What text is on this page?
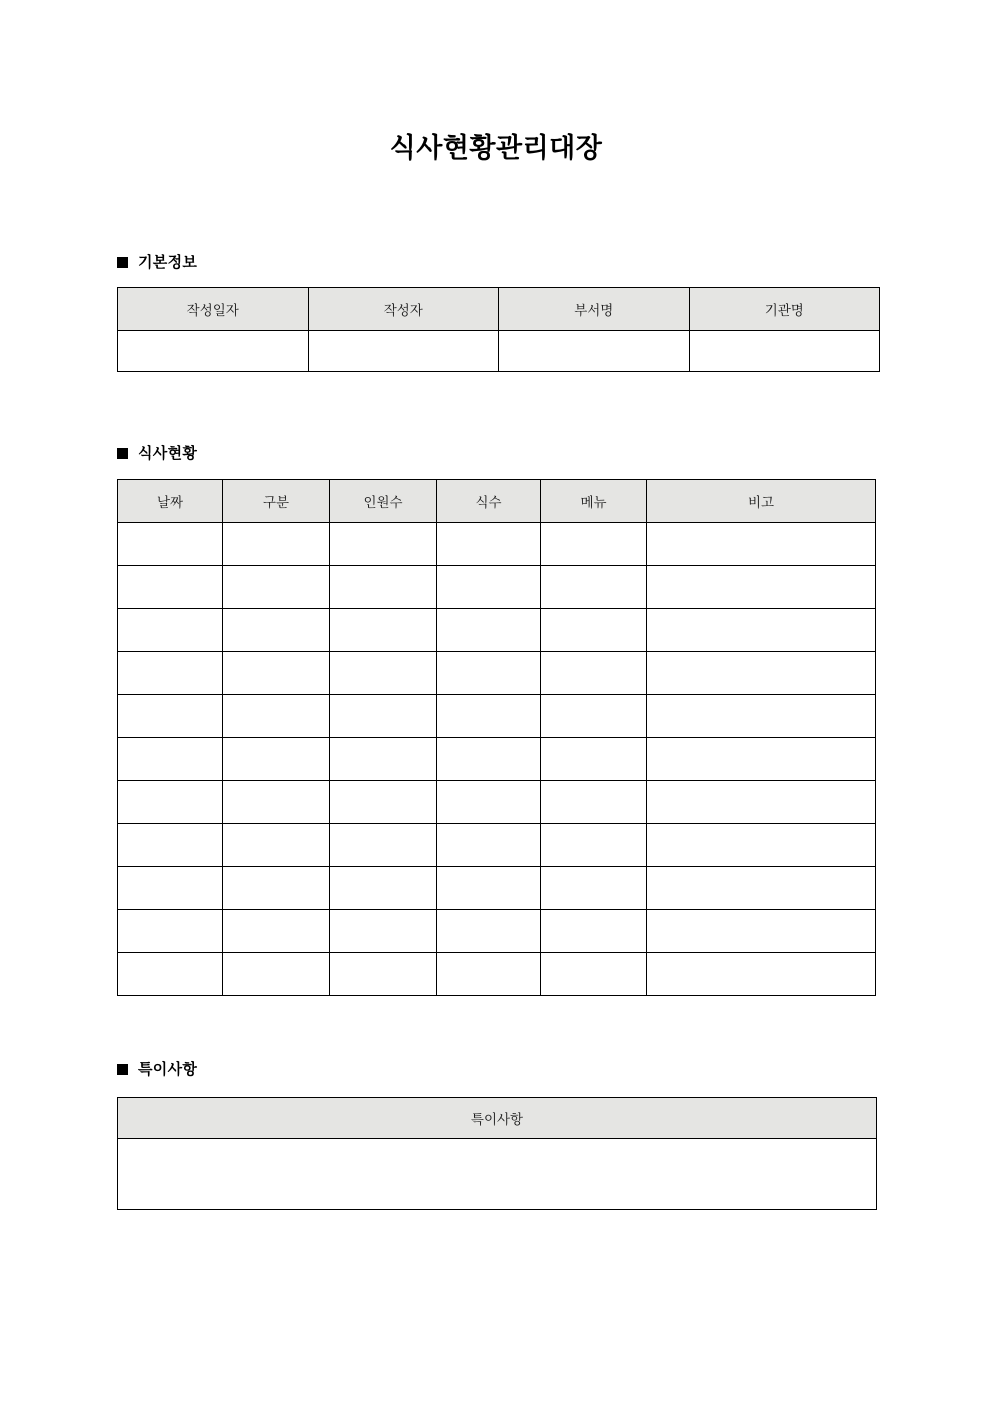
식사현황관리대장
기본정보
작성일자	작성자	부서명	기관명

식사현황
날짜	구분	인원수	식수	메뉴	비고

특이사항
특이사항
